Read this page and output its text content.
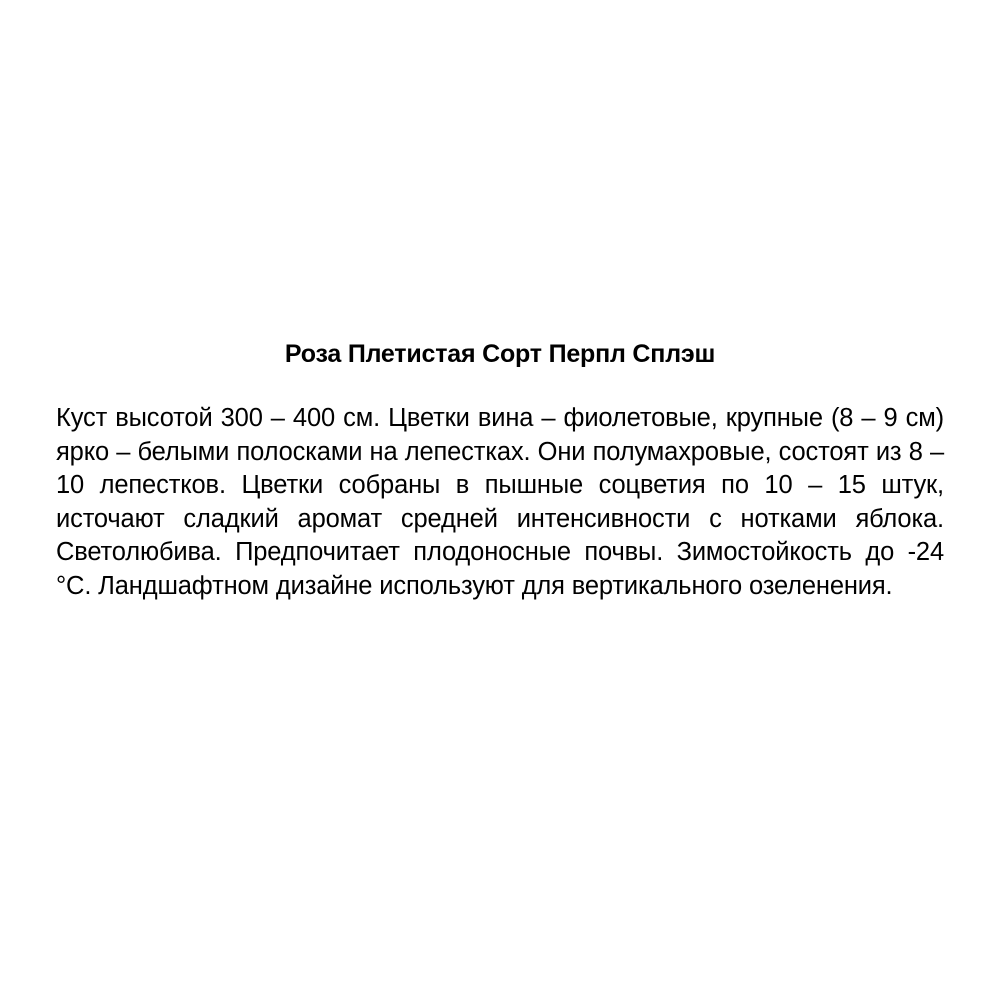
Роза Плетистая Сорт Перпл Сплэш

Куст высотой 300 – 400 см. Цветки вина – фиолетовые, крупные (8 – 9 см) ярко – белыми полосками на лепестках. Они полумахровые, состоят из 8 – 10 лепестков. Цветки собраны в пышные соцветия по 10 – 15 штук, источают сладкий аромат средней интенсивности с нотками яблока. Светолюбива. Предпочитает плодоносные почвы. Зимостойкость до -24 °С. Ландшафтном дизайне используют для вертикального озеленения.
